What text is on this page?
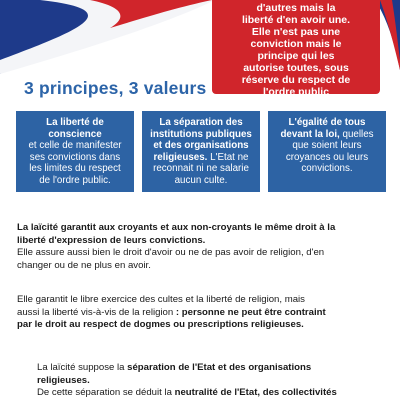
d'autres mais la
liberté d'en avoir une.
Elle n'est pas une
conviction mais le
principe qui les
autorise toutes, sous
réserve du respect de
l'ordre public
3 principes, 3 valeurs
La liberté de conscience
et celle de manifester
ses convictions dans
les limites du respect
de l'ordre public.
La séparation des
institutions publiques
et des organisations
religieuses. L'Etat ne
reconnait ni ne salarie
aucun culte.
L'égalité de tous
devant la loi, quelles
que soient leurs
croyances ou leurs
convictions.

La laïcité garantit aux croyants et aux non-croyants le même droit à la
liberté d'expression de leurs convictions.
Elle assure aussi bien le droit d'avoir ou ne de pas avoir de religion, d'en
changer ou de ne plus en avoir.

Elle garantit le libre exercice des cultes et la liberté de religion, mais
aussi la liberté vis-à-vis de la religion : personne ne peut être contraint
par le droit au respect de dogmes ou prescriptions religieuses.

La laïcité suppose la séparation de l'Etat et des organisations
religieuses.
De cette séparation se déduit la neutralité de l'Etat, des collectivités
